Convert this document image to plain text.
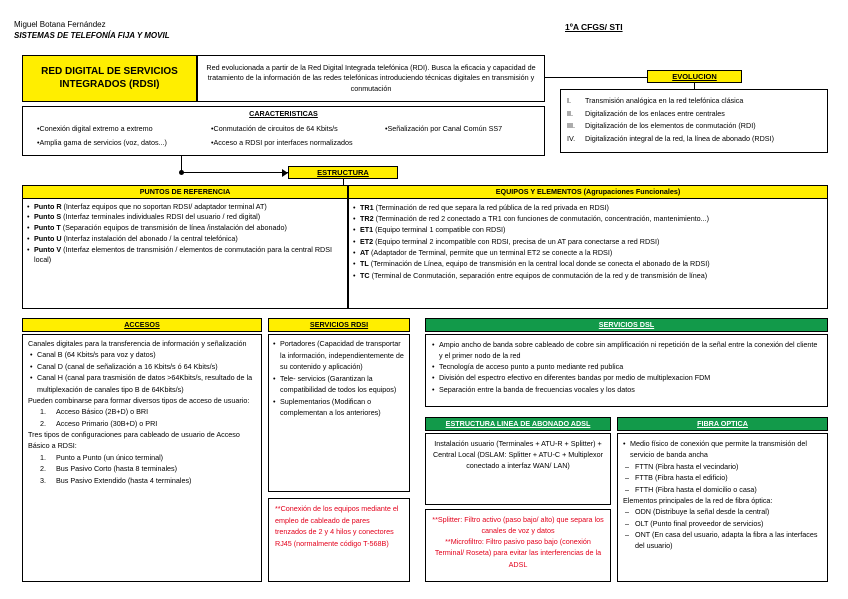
Miguel Botana Fernández
SISTEMAS DE TELEFONÍA FIJA Y MOVIL
1ºA CFGS/ STI
RED DIGITAL DE SERVICIOS INTEGRADOS (RDSI)
Red evolucionada a partir de la Red Digital Integrada telefónica (RDI). Busca la eficacia y capacidad de tratamiento de la información de las redes telefónicas introduciendo técnicas digitales en transmisión y conmutación
EVOLUCION
I. Transmisión analógica en la red telefónica clásica
II. Digitalización de los enlaces entre centrales
III. Digitalización de los elementos de conmutación (RDI)
IV. Digitalización integral de la red, la línea de abonado (RDSI)
CARACTERISTICAS
•Conexión digital extremo a extremo	•Conmutación de circuitos de 64 Kbits/s	•Señalización por Canal Común SS7
•Amplia gama de servicios (voz, datos...)	•Acceso a RDSI por interfaces normalizados
ESTRUCTURA
PUNTOS DE REFERENCIA
• Punto R (Interfaz equipos que no soportan RDSI/ adaptador terminal AT)
• Punto S (Interfaz terminales individuales RDSI del usuario / red digital)
• Punto T (Separación equipos de transmisión de línea /instalación del abonado)
• Punto U (Interfaz instalación del abonado / la central telefónica)
• Punto V (Interfaz elementos de transmisión / elementos de conmutación para la central RDSI local)
EQUIPOS Y ELEMENTOS (Agrupaciones Funcionales)
• TR1 (Terminación de red que separa la red pública de la red privada en RDSI)
• TR2 (Terminación de red 2 conectado a TR1 con funciones de conmutación, concentración, mantenimiento...)
• ET1 (Equipo terminal 1 compatible con RDSI)
• ET2 (Equipo terminal 2 incompatible con RDSI, precisa de un AT para conectarse a red RDSI)
• AT (Adaptador de Terminal, permite que un terminal ET2 se conecte a la RDSI)
• TL (Terminación de Línea, equipo de transmisión en la central local donde se conecta el abonado de la RDSI)
• TC (Terminal de Conmutación, separación entre equipos de conmutación de la red y de transmisión de línea)
ACCESOS
Canales digitales para la transferencia de información y señalización
• Canal B (64 Kbits/s para voz y datos)
• Canal D (canal de señalización a 16 Kbits/s ó 64 Kbits/s)
• Canal H (canal para trasmisión de datos >64Kbits/s, resultado de la multiplexación de canales tipo B de 64Kbits/s)
Pueden combinarse para formar diversos tipos de acceso de usuario:
1. Acceso Básico (2B+D) o BRI
2. Acceso Primario (30B+D) o PRI
Tres tipos de configuraciones para cableado de usuario de Acceso Básico a RDSI:
1. Punto a Punto (un único terminal)
2. Bus Pasivo Corto (hasta 8 terminales)
3. Bus Pasivo Extendido (hasta 4 terminales)
SERVICIOS RDSI
• Portadores (Capacidad de transportar la información, independientemente de su contenido y aplicación)
• Tele- servicios (Garantizan la compatibilidad de todos los equipos)
• Suplementarios (Modifican o complementan a los anteriores)
**Conexión de los equipos mediante el empleo de cableado de pares trenzados de 2 y 4 hilos y conectores RJ45 (normalmente código T-568B)
SERVICIOS DSL
• Ampio ancho de banda sobre cableado de cobre sin amplificación ni repetición de la señal entre la conexión del cliente y el primer nodo de la red
• Tecnología de acceso punto a punto mediante red publica
• División del espectro efectivo en diferentes bandas por medio de multiplexacion FDM
• Separación entre la banda de frecuencias vocales y los datos
ESTRUCTURA LINEA DE ABONADO ADSL
Instalación usuario (Terminales + ATU-R + Splitter) +
Central Local (DSLAM: Splitter + ATU-C + Multiplexor conectado a interfaz WAN/ LAN)
**Splitter: Filtro activo (paso bajo/ alto) que separa los canales de voz y datos
**Microfiltro: Filtro pasivo paso bajo (conexión Terminal/ Roseta) para evitar las interferencias de la ADSL
FIBRA OPTICA
• Medio físico de conexión que permite la transmisión del servicio de banda ancha
– FTTN (Fibra hasta el vecindario)
– FTTB (Fibra hasta el edificio)
– FTTH (Fibra hasta el domicilio o casa)
Elementos principales de la red de fibra óptica:
– ODN (Distribuye la señal desde la central)
– OLT (Punto final proveedor de servicios)
– ONT (En casa del usuario, adapta la fibra a las interfaces del usuario)
